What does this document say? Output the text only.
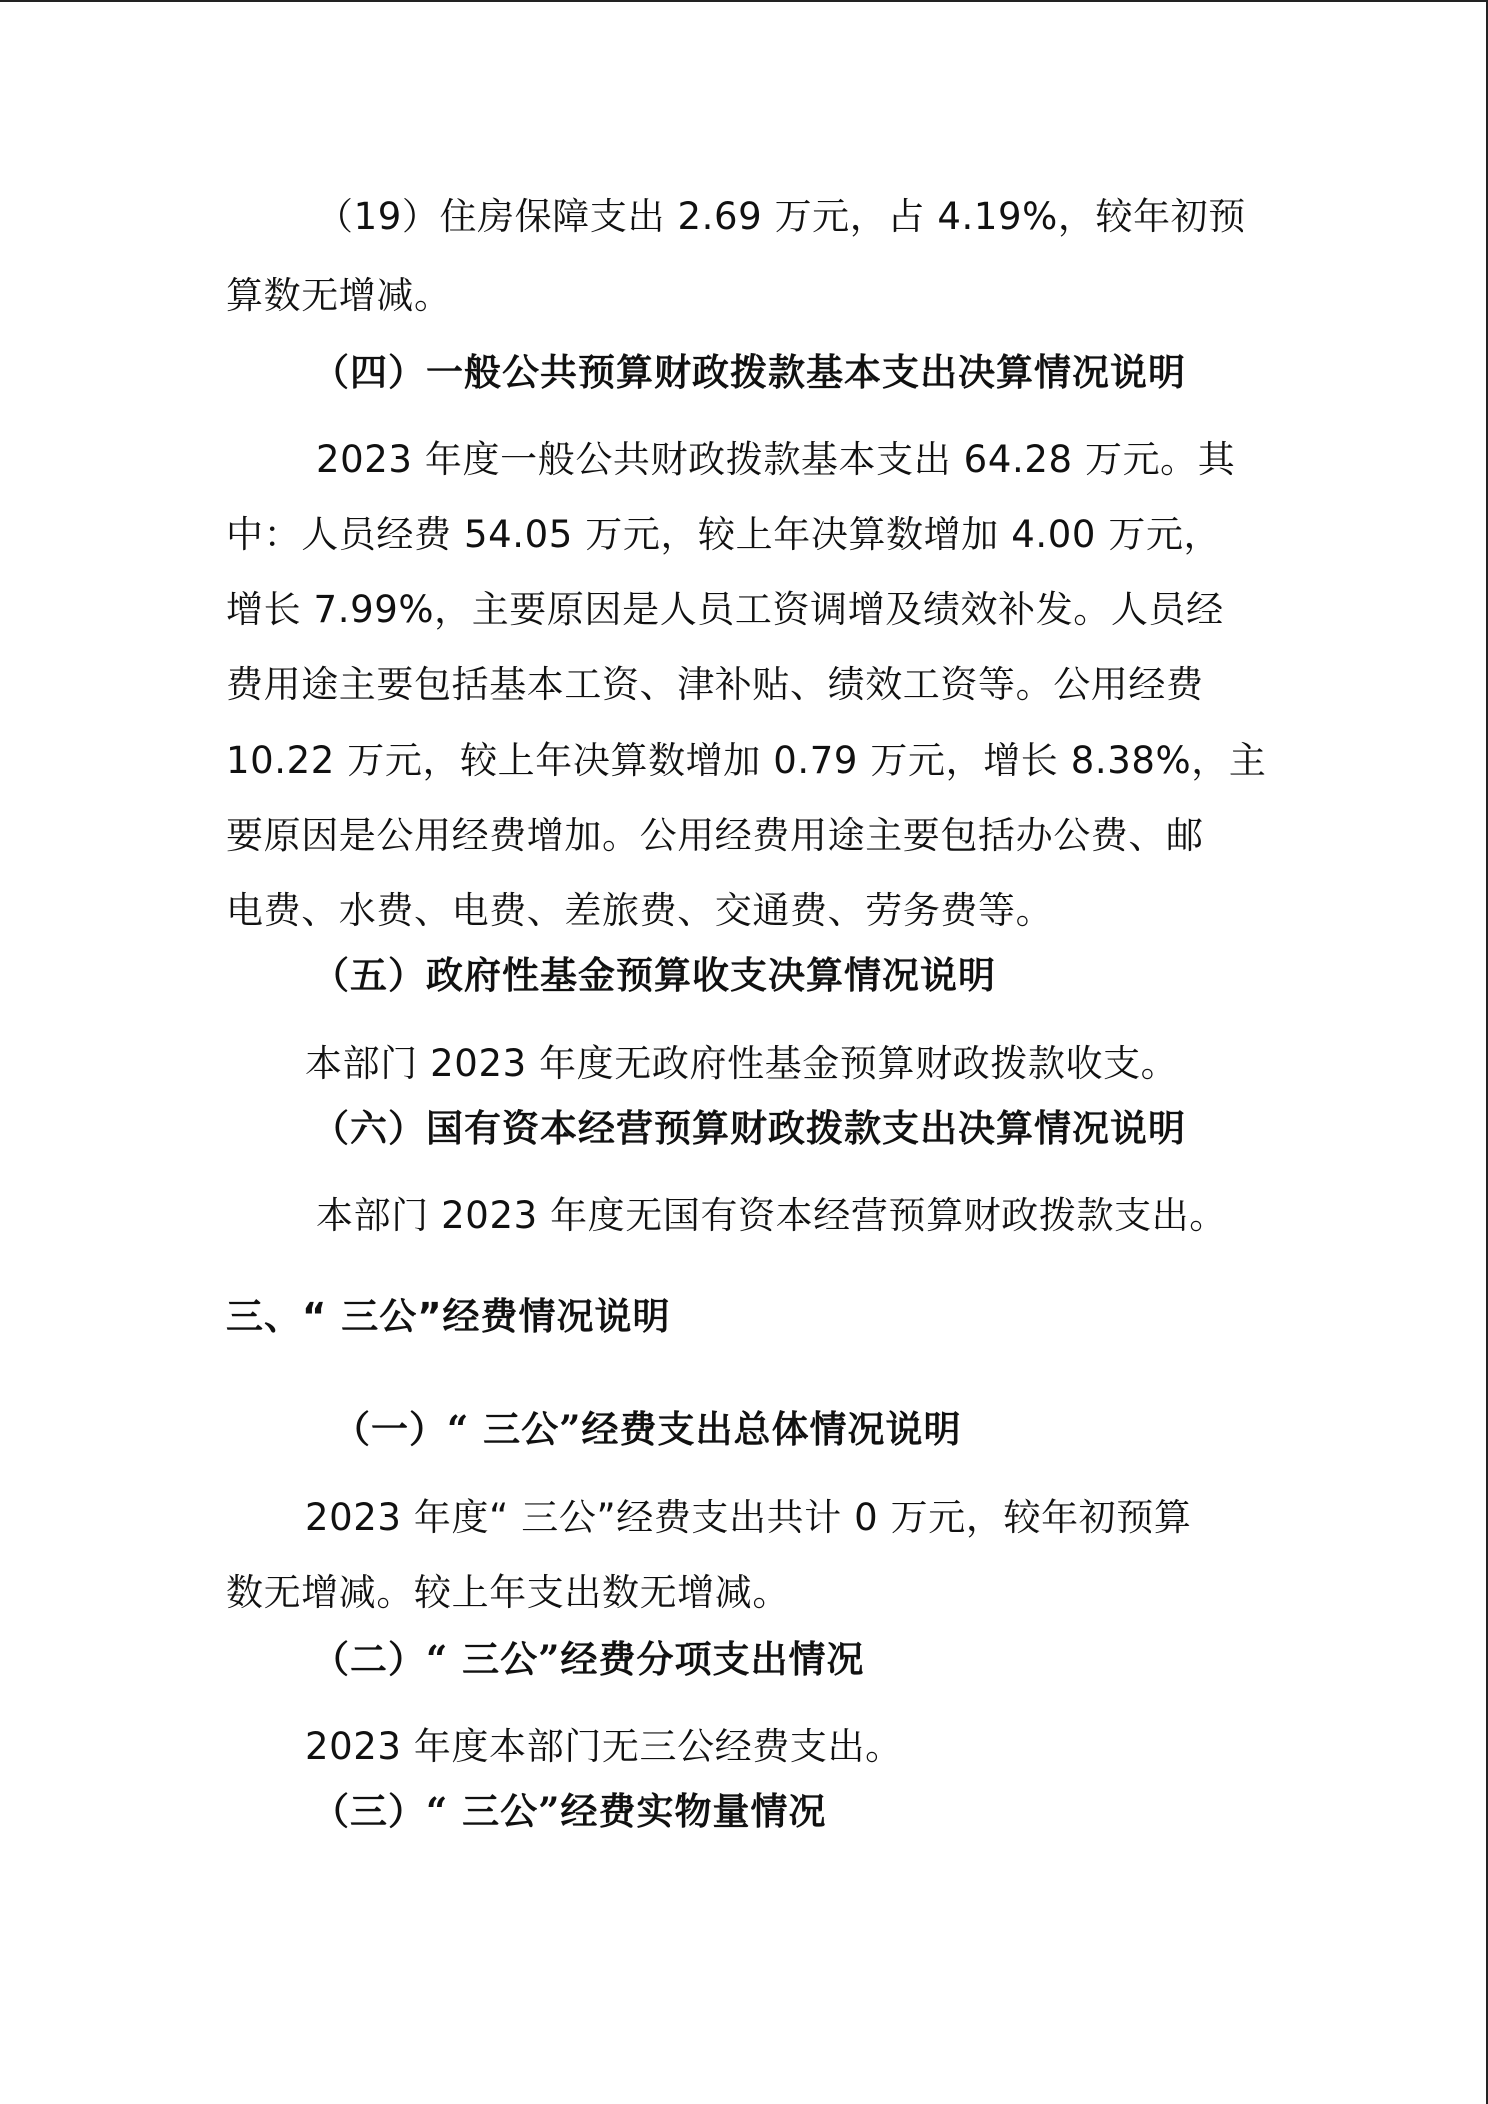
（19）住房保障支出 2.69 万元，占 4.19%，较年初预
算数无增减。
（四）一般公共预算财政拨款基本支出决算情况说明
2023 年度一般公共财政拨款基本支出 64.28 万元。其
中：人员经费 54.05 万元，较上年决算数增加 4.00 万元，
增长 7.99%，主要原因是人员工资调增及绩效补发。人员经
费用途主要包括基本工资、津补贴、绩效工资等。公用经费
10.22 万元，较上年决算数增加 0.79 万元，增长 8.38%，主
要原因是公用经费增加。公用经费用途主要包括办公费、邮
电费、水费、电费、差旅费、交通费、劳务费等。
（五）政府性基金预算收支决算情况说明
本部门 2023 年度无政府性基金预算财政拨款收支。
（六）国有资本经营预算财政拨款支出决算情况说明
本部门 2023 年度无国有资本经营预算财政拨款支出。
三、“ 三公”经费情况说明
（一）“ 三公”经费支出总体情况说明
2023 年度“ 三公”经费支出共计 0 万元，较年初预算
数无增减。较上年支出数无增减。
（二）“ 三公”经费分项支出情况
2023 年度本部门无三公经费支出。
（三）“ 三公”经费实物量情况
